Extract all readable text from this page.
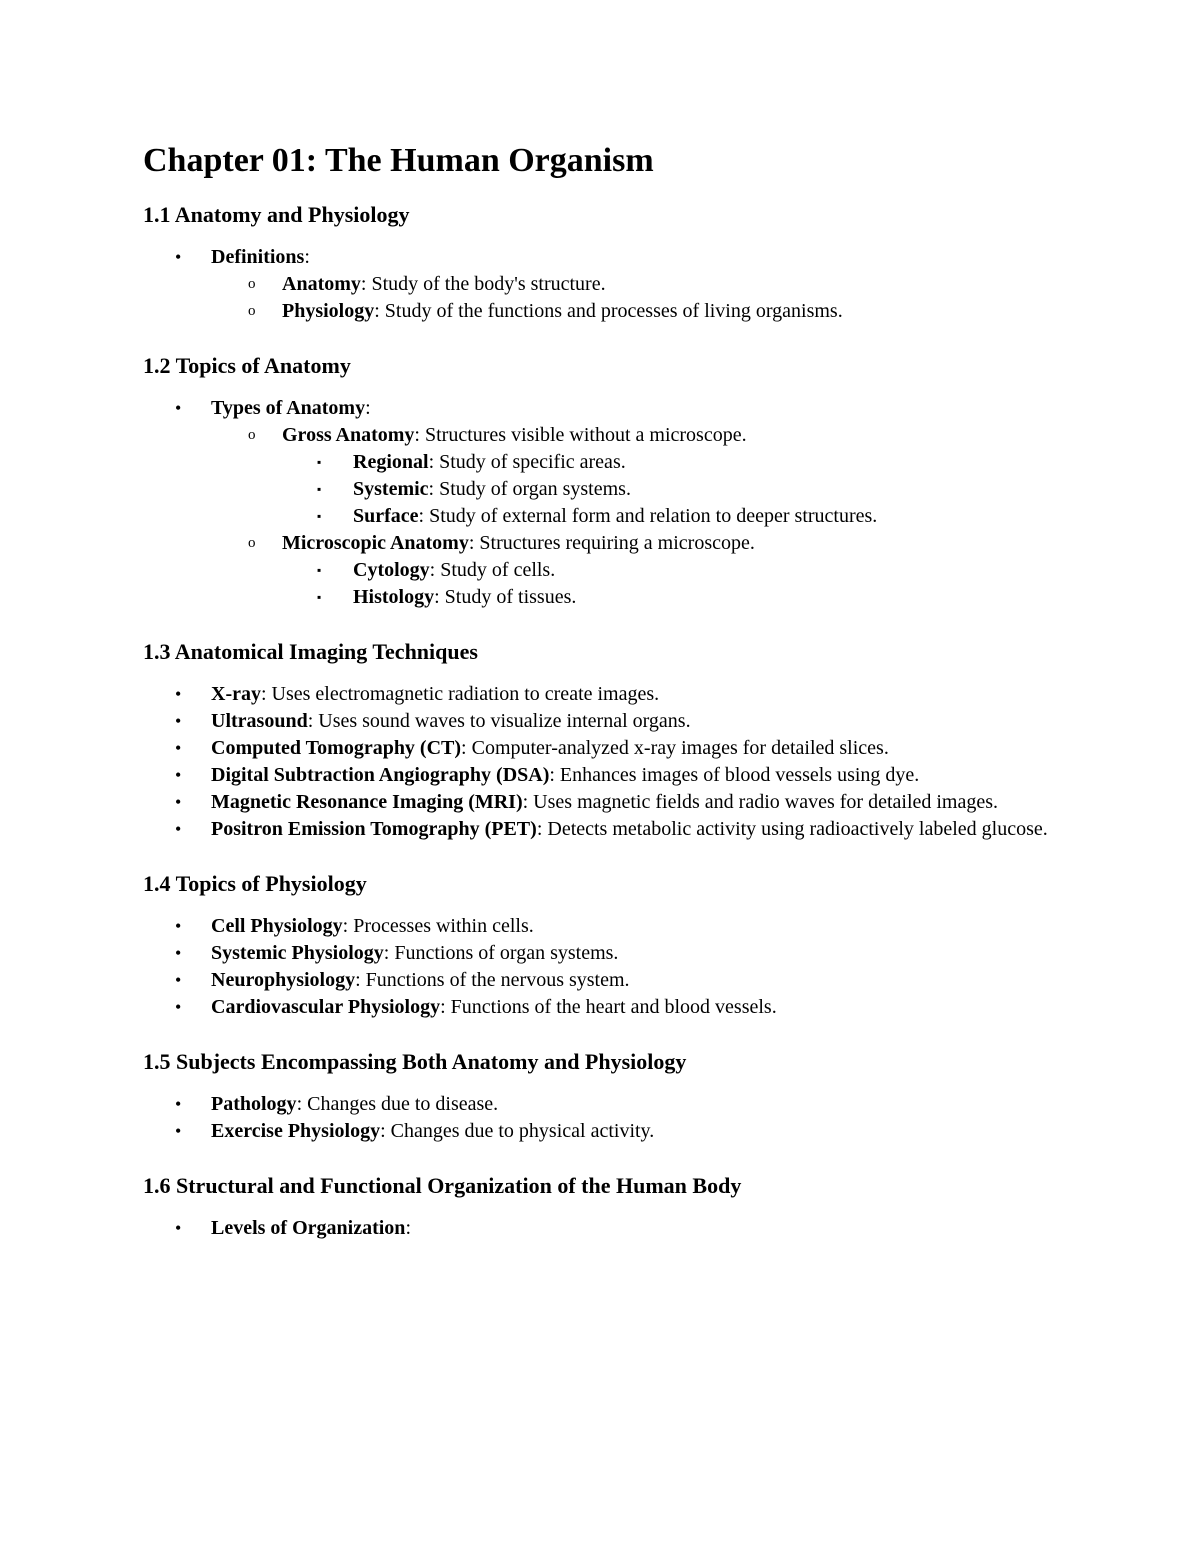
Chapter 01: The Human Organism
1.1 Anatomy and Physiology
• Definitions:
o Anatomy: Study of the body's structure.
o Physiology: Study of the functions and processes of living organisms.
1.2 Topics of Anatomy
• Types of Anatomy:
o Gross Anatomy: Structures visible without a microscope.
▪ Regional: Study of specific areas.
▪ Systemic: Study of organ systems.
▪ Surface: Study of external form and relation to deeper structures.
o Microscopic Anatomy: Structures requiring a microscope.
▪ Cytology: Study of cells.
▪ Histology: Study of tissues.
1.3 Anatomical Imaging Techniques
• X-ray: Uses electromagnetic radiation to create images.
• Ultrasound: Uses sound waves to visualize internal organs.
• Computed Tomography (CT): Computer-analyzed x-ray images for detailed slices.
• Digital Subtraction Angiography (DSA): Enhances images of blood vessels using dye.
• Magnetic Resonance Imaging (MRI): Uses magnetic fields and radio waves for detailed images.
• Positron Emission Tomography (PET): Detects metabolic activity using radioactively labeled glucose.
1.4 Topics of Physiology
• Cell Physiology: Processes within cells.
• Systemic Physiology: Functions of organ systems.
• Neurophysiology: Functions of the nervous system.
• Cardiovascular Physiology: Functions of the heart and blood vessels.
1.5 Subjects Encompassing Both Anatomy and Physiology
• Pathology: Changes due to disease.
• Exercise Physiology: Changes due to physical activity.
1.6 Structural and Functional Organization of the Human Body
• Levels of Organization:
